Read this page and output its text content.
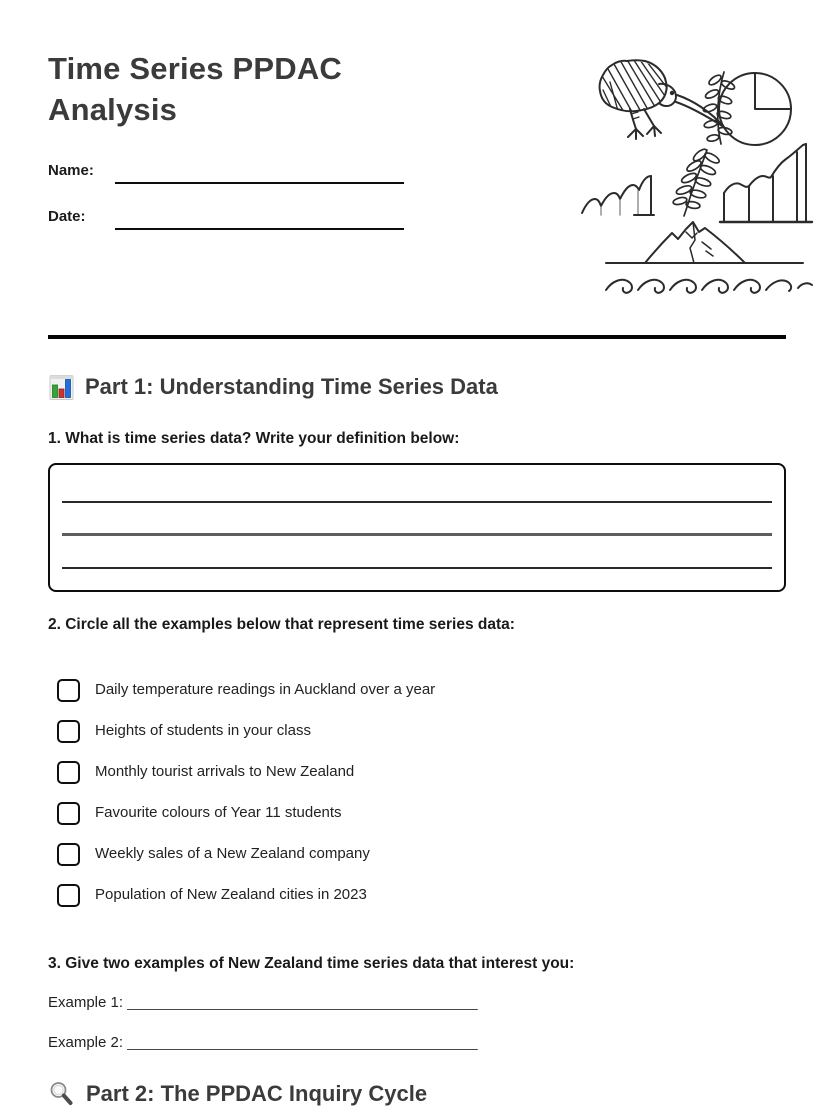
Time Series PPDAC Analysis
Name:
Date:
Part 1: Understanding Time Series Data
1. What is time series data? Write your definition below:
2. Circle all the examples below that represent time series data:
Daily temperature readings in Auckland over a year
Heights of students in your class
Monthly tourist arrivals to New Zealand
Favourite colours of Year 11 students
Weekly sales of a New Zealand company
Population of New Zealand cities in 2023
3. Give two examples of New Zealand time series data that interest you:
Example 1: __________________________________________
Example 2: __________________________________________
Part 2: The PPDAC Inquiry Cycle
